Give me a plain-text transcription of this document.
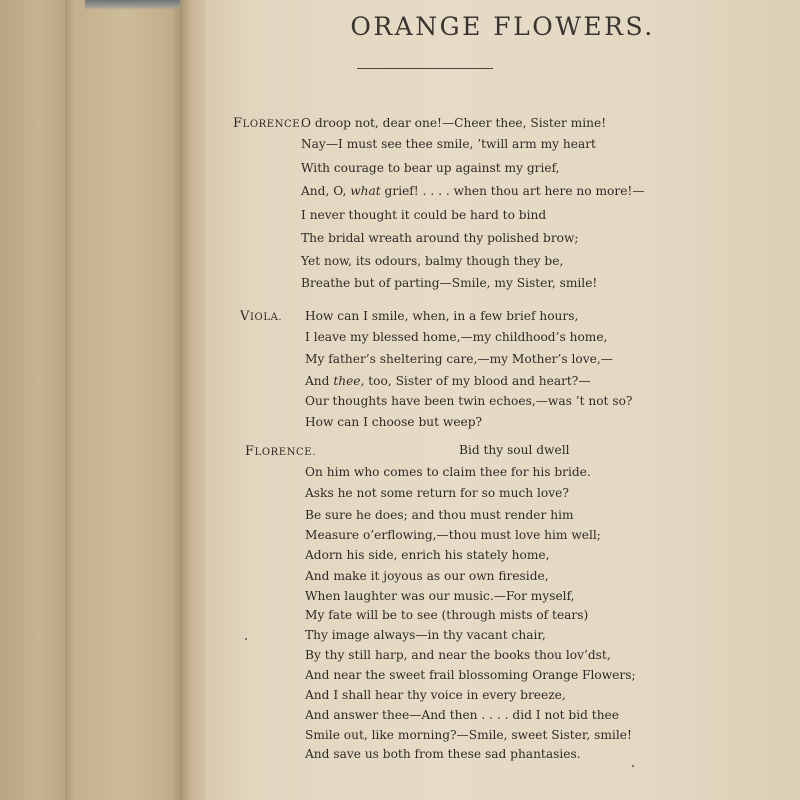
ORANGE FLOWERS.
FLORENCE.
O droop not, dear one!—Cheer thee, Sister mine!
Nay—I must see thee smile, ’twill arm my heart
With courage to bear up against my grief,
And, O, what grief! . . . . when thou art here no more!—
I never thought it could be hard to bind
The bridal wreath around thy polished brow;
Yet now, its odours, balmy though they be,
Breathe but of parting—Smile, my Sister, smile!
VIOLA. How can I smile, when, in a few brief hours,
I leave my blessed home,—my childhood’s home,
My father’s sheltering care,—my Mother’s love,—
And thee, too, Sister of my blood and heart?—
Our thoughts have been twin echoes,—was ’t not so?
How can I choose but weep?
FLORENCE.	Bid thy soul dwell
On him who comes to claim thee for his bride.
Asks he not some return for so much love?
Be sure he does; and thou must render him
Measure o’erflowing,—thou must love him well;
Adorn his side, enrich his stately home,
And make it joyous as our own fireside,
When laughter was our music.—For myself,
My fate will be to see (through mists of tears)
Thy image always—in thy vacant chair,
By thy still harp, and near the books thou lov’dst,
And near the sweet frail blossoming Orange Flowers;
And I shall hear thy voice in every breeze,
And answer thee—And then . . . . did I not bid thee
Smile out, like morning?—Smile, sweet Sister, smile!
And save us both from these sad phantasies.
